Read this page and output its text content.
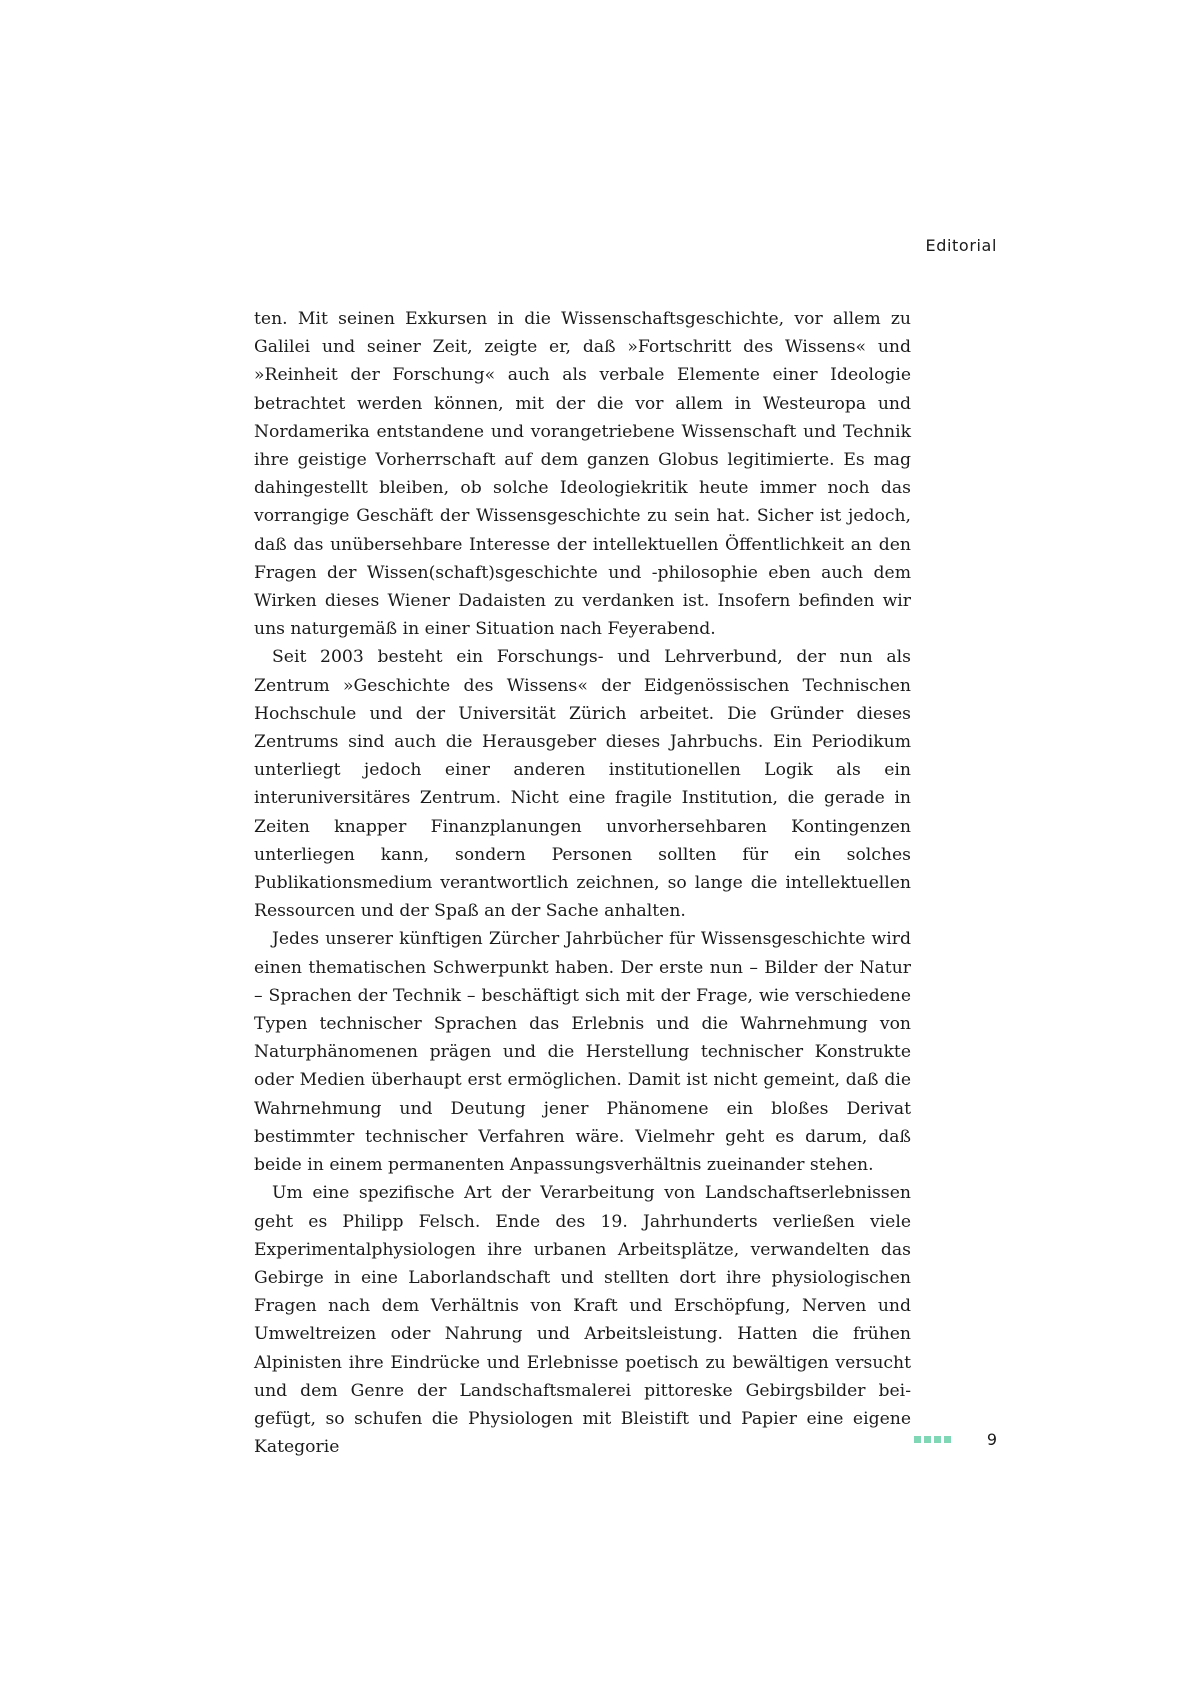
Editorial

ten. Mit seinen Exkursen in die Wissenschaftsgeschichte, vor allem zu Galilei und seiner Zeit, zeigte er, daß »Fortschritt des Wissens« und »Reinheit der Forschung« auch als verbale Elemente einer Ideologie betrachtet werden können, mit der die vor allem in Westeuropa und Nordamerika entstandene und vorangetriebene Wissenschaft und Technik ihre geistige Vorherrschaft auf dem ganzen Globus legitimierte. Es mag dahingestellt bleiben, ob solche Ideologiekritik heute immer noch das vorrangige Geschäft der Wissensgeschichte zu sein hat. Sicher ist jedoch, daß das unübersehbare Interesse der intellektuellen Öffentlichkeit an den Fragen der Wissen(schaft)sgeschichte und -philosophie eben auch dem Wirken dieses Wiener Dadaisten zu verdanken ist. Insofern befinden wir uns naturgemäß in einer Situation nach Feyerabend.

Seit 2003 besteht ein Forschungs- und Lehrverbund, der nun als Zentrum »Geschichte des Wissens« der Eidgenössischen Technischen Hochschule und der Universität Zürich arbeitet. Die Gründer dieses Zentrums sind auch die Herausgeber dieses Jahrbuchs. Ein Periodikum unterliegt jedoch einer anderen institutionellen Logik als ein interuniversitäres Zentrum. Nicht eine fragile Institution, die gerade in Zeiten knapper Finanzplanungen unvorhersehbaren Kontingenzen unterliegen kann, sondern Personen sollten für ein solches Publikationsmedium verantwortlich zeichnen, so lange die intellektuellen Ressourcen und der Spaß an der Sache anhalten.

Jedes unserer künftigen Zürcher Jahrbücher für Wissensgeschichte wird einen thematischen Schwerpunkt haben. Der erste nun – Bilder der Natur – Sprachen der Technik – beschäftigt sich mit der Frage, wie verschiedene Typen technischer Sprachen das Erlebnis und die Wahrnehmung von Naturphänomenen prägen und die Herstellung technischer Konstrukte oder Medien überhaupt erst ermöglichen. Damit ist nicht gemeint, daß die Wahrnehmung und Deutung jener Phänomene ein bloßes Derivat bestimmter technischer Verfahren wäre. Vielmehr geht es darum, daß beide in einem permanenten Anpassungsverhältnis zueinander stehen.

Um eine spezifische Art der Verarbeitung von Landschaftserlebnissen geht es Philipp Felsch. Ende des 19. Jahrhunderts verließen viele Experimentalphysiologen ihre urbanen Arbeitsplätze, verwandelten das Gebirge in eine Laborlandschaft und stellten dort ihre physiologischen Fragen nach dem Verhältnis von Kraft und Erschöpfung, Nerven und Umweltreizen oder Nahrung und Arbeitsleistung. Hatten die frühen Alpinisten ihre Eindrücke und Erlebnisse poetisch zu bewältigen versucht und dem Genre der Landschaftsmalerei pittoreske Gebirgsbilder beigefügt, so schufen die Physiologen mit Bleistift und Papier eine eigene Kategorie	9
